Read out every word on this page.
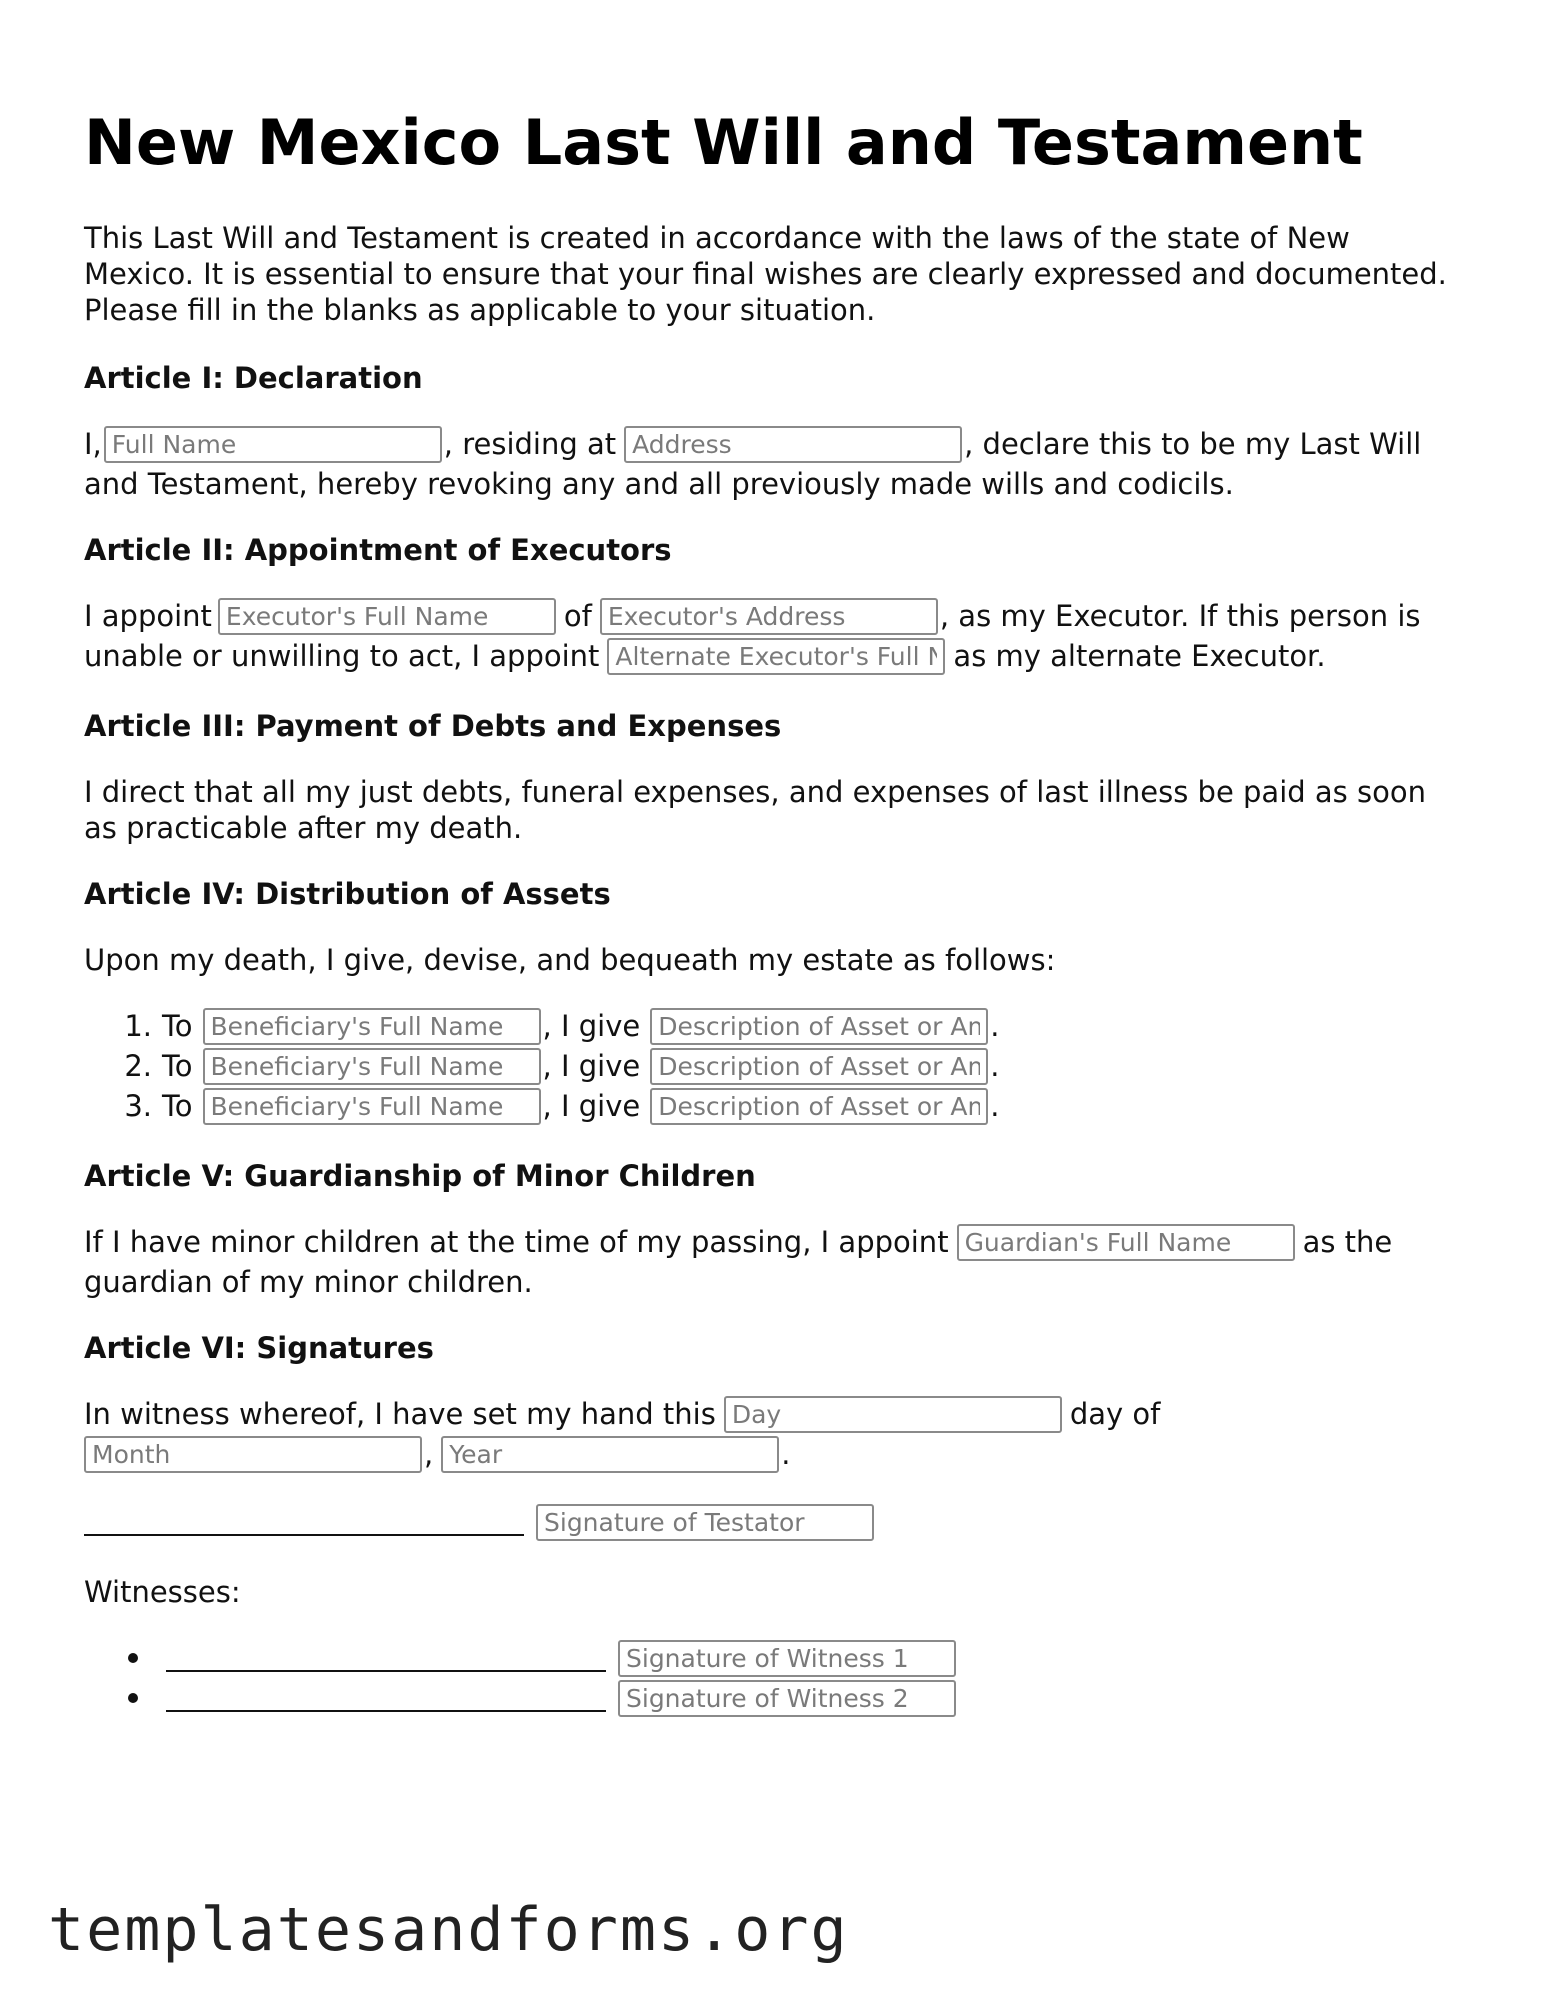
New Mexico Last Will and Testament

This Last Will and Testament is created in accordance with the laws of the state of New Mexico. It is essential to ensure that your final wishes are clearly expressed and documented. Please fill in the blanks as applicable to your situation.

Article I: Declaration
I,
Full Name	, residing at
Address	, declare this to be my Last Will
and Testament, hereby revoking any and all previously made wills and codicils.
Article II: Appointment of Executors
I appoint
Executor's Full Name	of
Executor's Address	, as my Executor. If this person is
unable or unwilling to act, I appoint
Alternate Executor's Full Name	as my alternate Executor.
Article III: Payment of Debts and Expenses

I direct that all my just debts, funeral expenses, and expenses of last illness be paid as soon as practicable after my death.

Article IV: Distribution of Assets
Upon my death, I give, devise, and bequeath my estate as follows:
1. To
Beneficiary's Full Name	, I give
Description of Asset or Amount	.
2. To
Beneficiary's Full Name	, I give
Description of Asset or Amount	.
3. To
Beneficiary's Full Name	, I give
Description of Asset or Amount	.
Article V: Guardianship of Minor Children
If I have minor children at the time of my passing, I appoint
Guardian's Full Name	as the
guardian of my minor children.
Article VI: Signatures
In witness whereof, I have set my hand this
Day	day of
Month
,
Year	.
Signature of Testator
Witnesses:
Signature of Witness 1
Signature of Witness 2
templatesandforms.org
